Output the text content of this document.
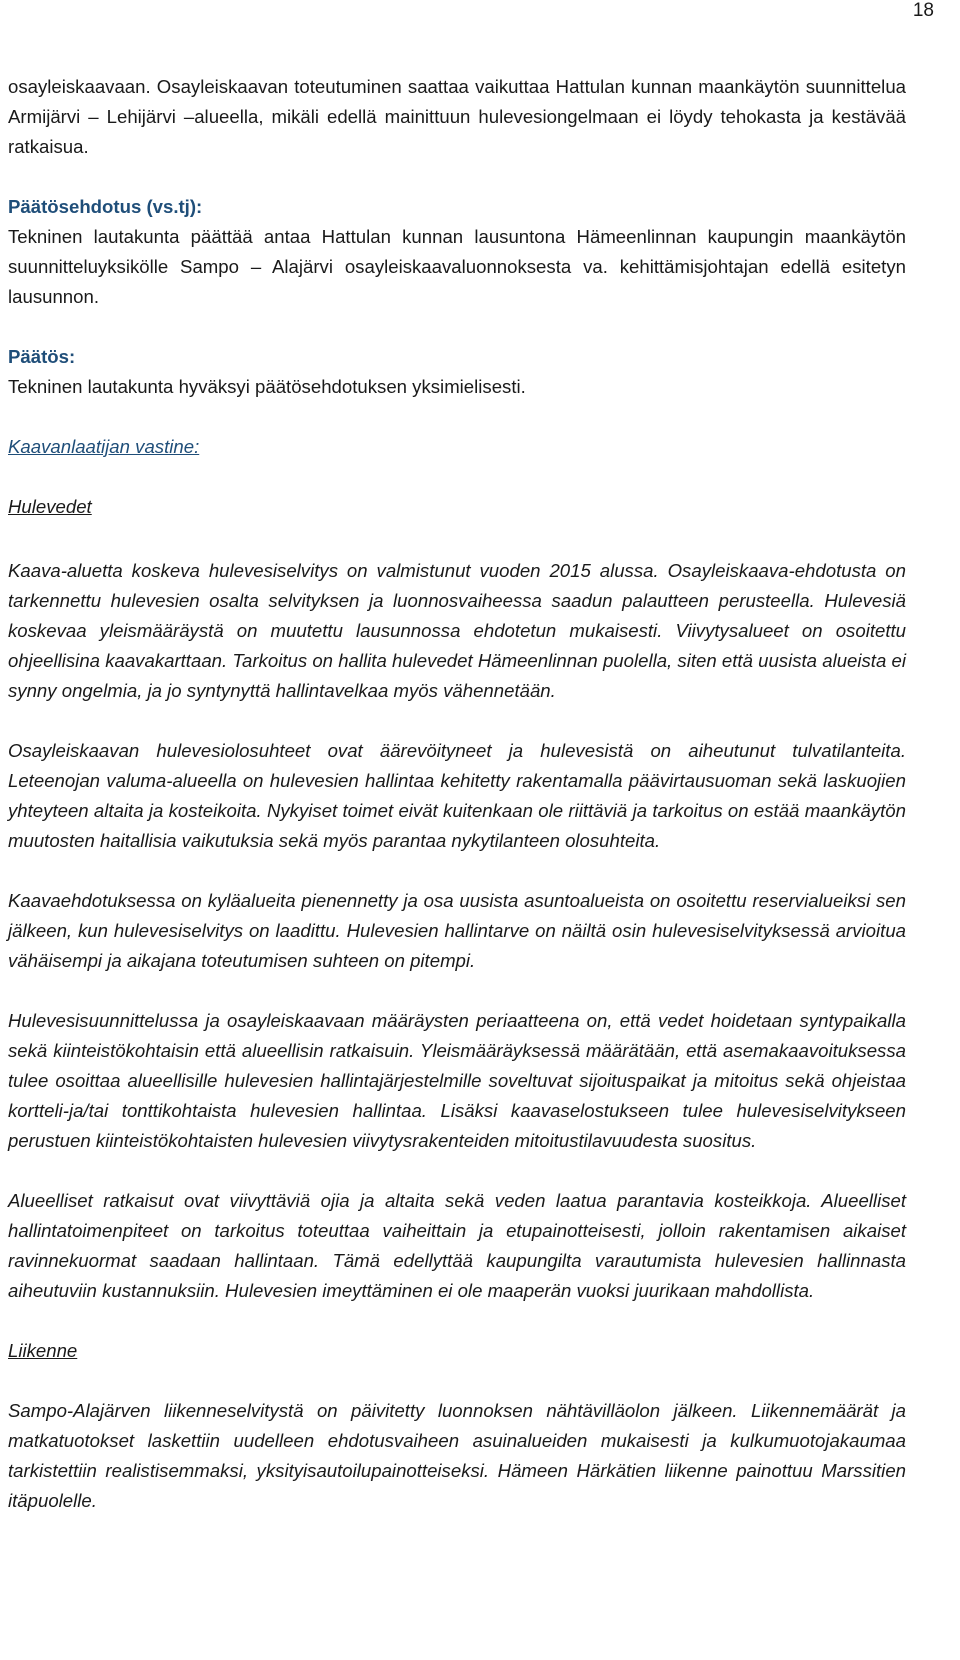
18

osayleiskaavaan. Osayleiskaavan toteutuminen saattaa vaikuttaa Hattulan kunnan maankäytön suunnittelua Armijärvi – Lehijärvi –alueella, mikäli edellä mainittuun hulevesiongelmaan ei löydy tehokasta ja kestävää ratkaisua.

Päätösehdotus (vs.tj):

Tekninen lautakunta päättää antaa Hattulan kunnan lausuntona Hämeenlinnan kaupungin maankäytön suunnitteluyksikölle Sampo – Alajärvi osayleiskaavaluonnoksesta va. kehittämisjohtajan edellä esitetyn lausunnon.

Päätös:

Tekninen lautakunta hyväksyi päätösehdotuksen yksimielisesti.

Kaavanlaatijan vastine:

Hulevedet

Kaava-aluetta koskeva hulevesiselvitys on valmistunut vuoden 2015 alussa. Osayleiskaava-ehdotusta on tarkennettu hulevesien osalta selvityksen ja luonnosvaiheessa saadun palautteen perusteella. Hulevesiä koskevaa yleismääräystä on muutettu lausunnossa ehdotetun mukaisesti. Viivytysalueet on osoitettu ohjeellisina kaavakarttaan. Tarkoitus on hallita hulevedet Hämeenlinnan puolella, siten että uusista alueista ei synny ongelmia, ja jo syntynyttä hallintavelkaa myös vähennetään.

Osayleiskaavan hulevesiolosuhteet ovat äärevöityneet ja hulevesistä on aiheutunut tulvatilanteita. Leteenojan valuma-alueella on hulevesien hallintaa kehitetty rakentamalla päävirtausuoman sekä laskuojien yhteyteen altaita ja kosteikoita. Nykyiset toimet eivät kuitenkaan ole riittäviä ja tarkoitus on estää maankäytön muutosten haitallisia vaikutuksia sekä myös parantaa nykytilanteen olosuhteita.

Kaavaehdotuksessa on kyläalueita pienennetty ja osa uusista asuntoalueista on osoitettu reservialueiksi sen jälkeen, kun hulevesiselvitys on laadittu. Hulevesien hallintarve on näiltä osin hulevesiselvityksessä arvioitua vähäisempi ja aikajana toteutumisen suhteen on pitempi.

Hulevesisuunnittelussa ja osayleiskaavaan määräysten periaatteena on, että vedet hoidetaan syntypaikalla sekä kiinteistökohtaisin että alueellisin ratkaisuin. Yleismääräyksessä määrätään, että asemakaavoituksessa tulee osoittaa alueellisille hulevesien hallintajärjestelmille soveltuvat sijoituspaikat ja mitoitus sekä ohjeistaa kortteli-ja/tai tonttikohtaista hulevesien hallintaa. Lisäksi kaavaselostukseen tulee hulevesiselvitykseen perustuen kiinteistökohtaisten hulevesien viivytysrakenteiden mitoitustilavuudesta suositus.

Alueelliset ratkaisut ovat viivyttäviä ojia ja altaita sekä veden laatua parantavia kosteikkoja. Alueelliset hallintatoimenpiteet on tarkoitus toteuttaa vaiheittain ja etupainotteisesti, jolloin rakentamisen aikaiset ravinnekuormat saadaan hallintaan. Tämä edellyttää kaupungilta varautumista hulevesien hallinnasta aiheutuviin kustannuksiin. Hulevesien imeyttäminen ei ole maaperän vuoksi juurikaan mahdollista.

Liikenne

Sampo-Alajärven liikenneselvitystä on päivitetty luonnoksen nähtävilläolon jälkeen. Liikennemäärät ja matkatuotokset laskettiin uudelleen ehdotusvaiheen asuinalueiden mukaisesti ja kulkumuotojakaumaa tarkistettiin realistisemmaksi, yksityisautoilupainotteiseksi. Hämeen Härkätien liikenne painottuu Marssitien itäpuolelle.
